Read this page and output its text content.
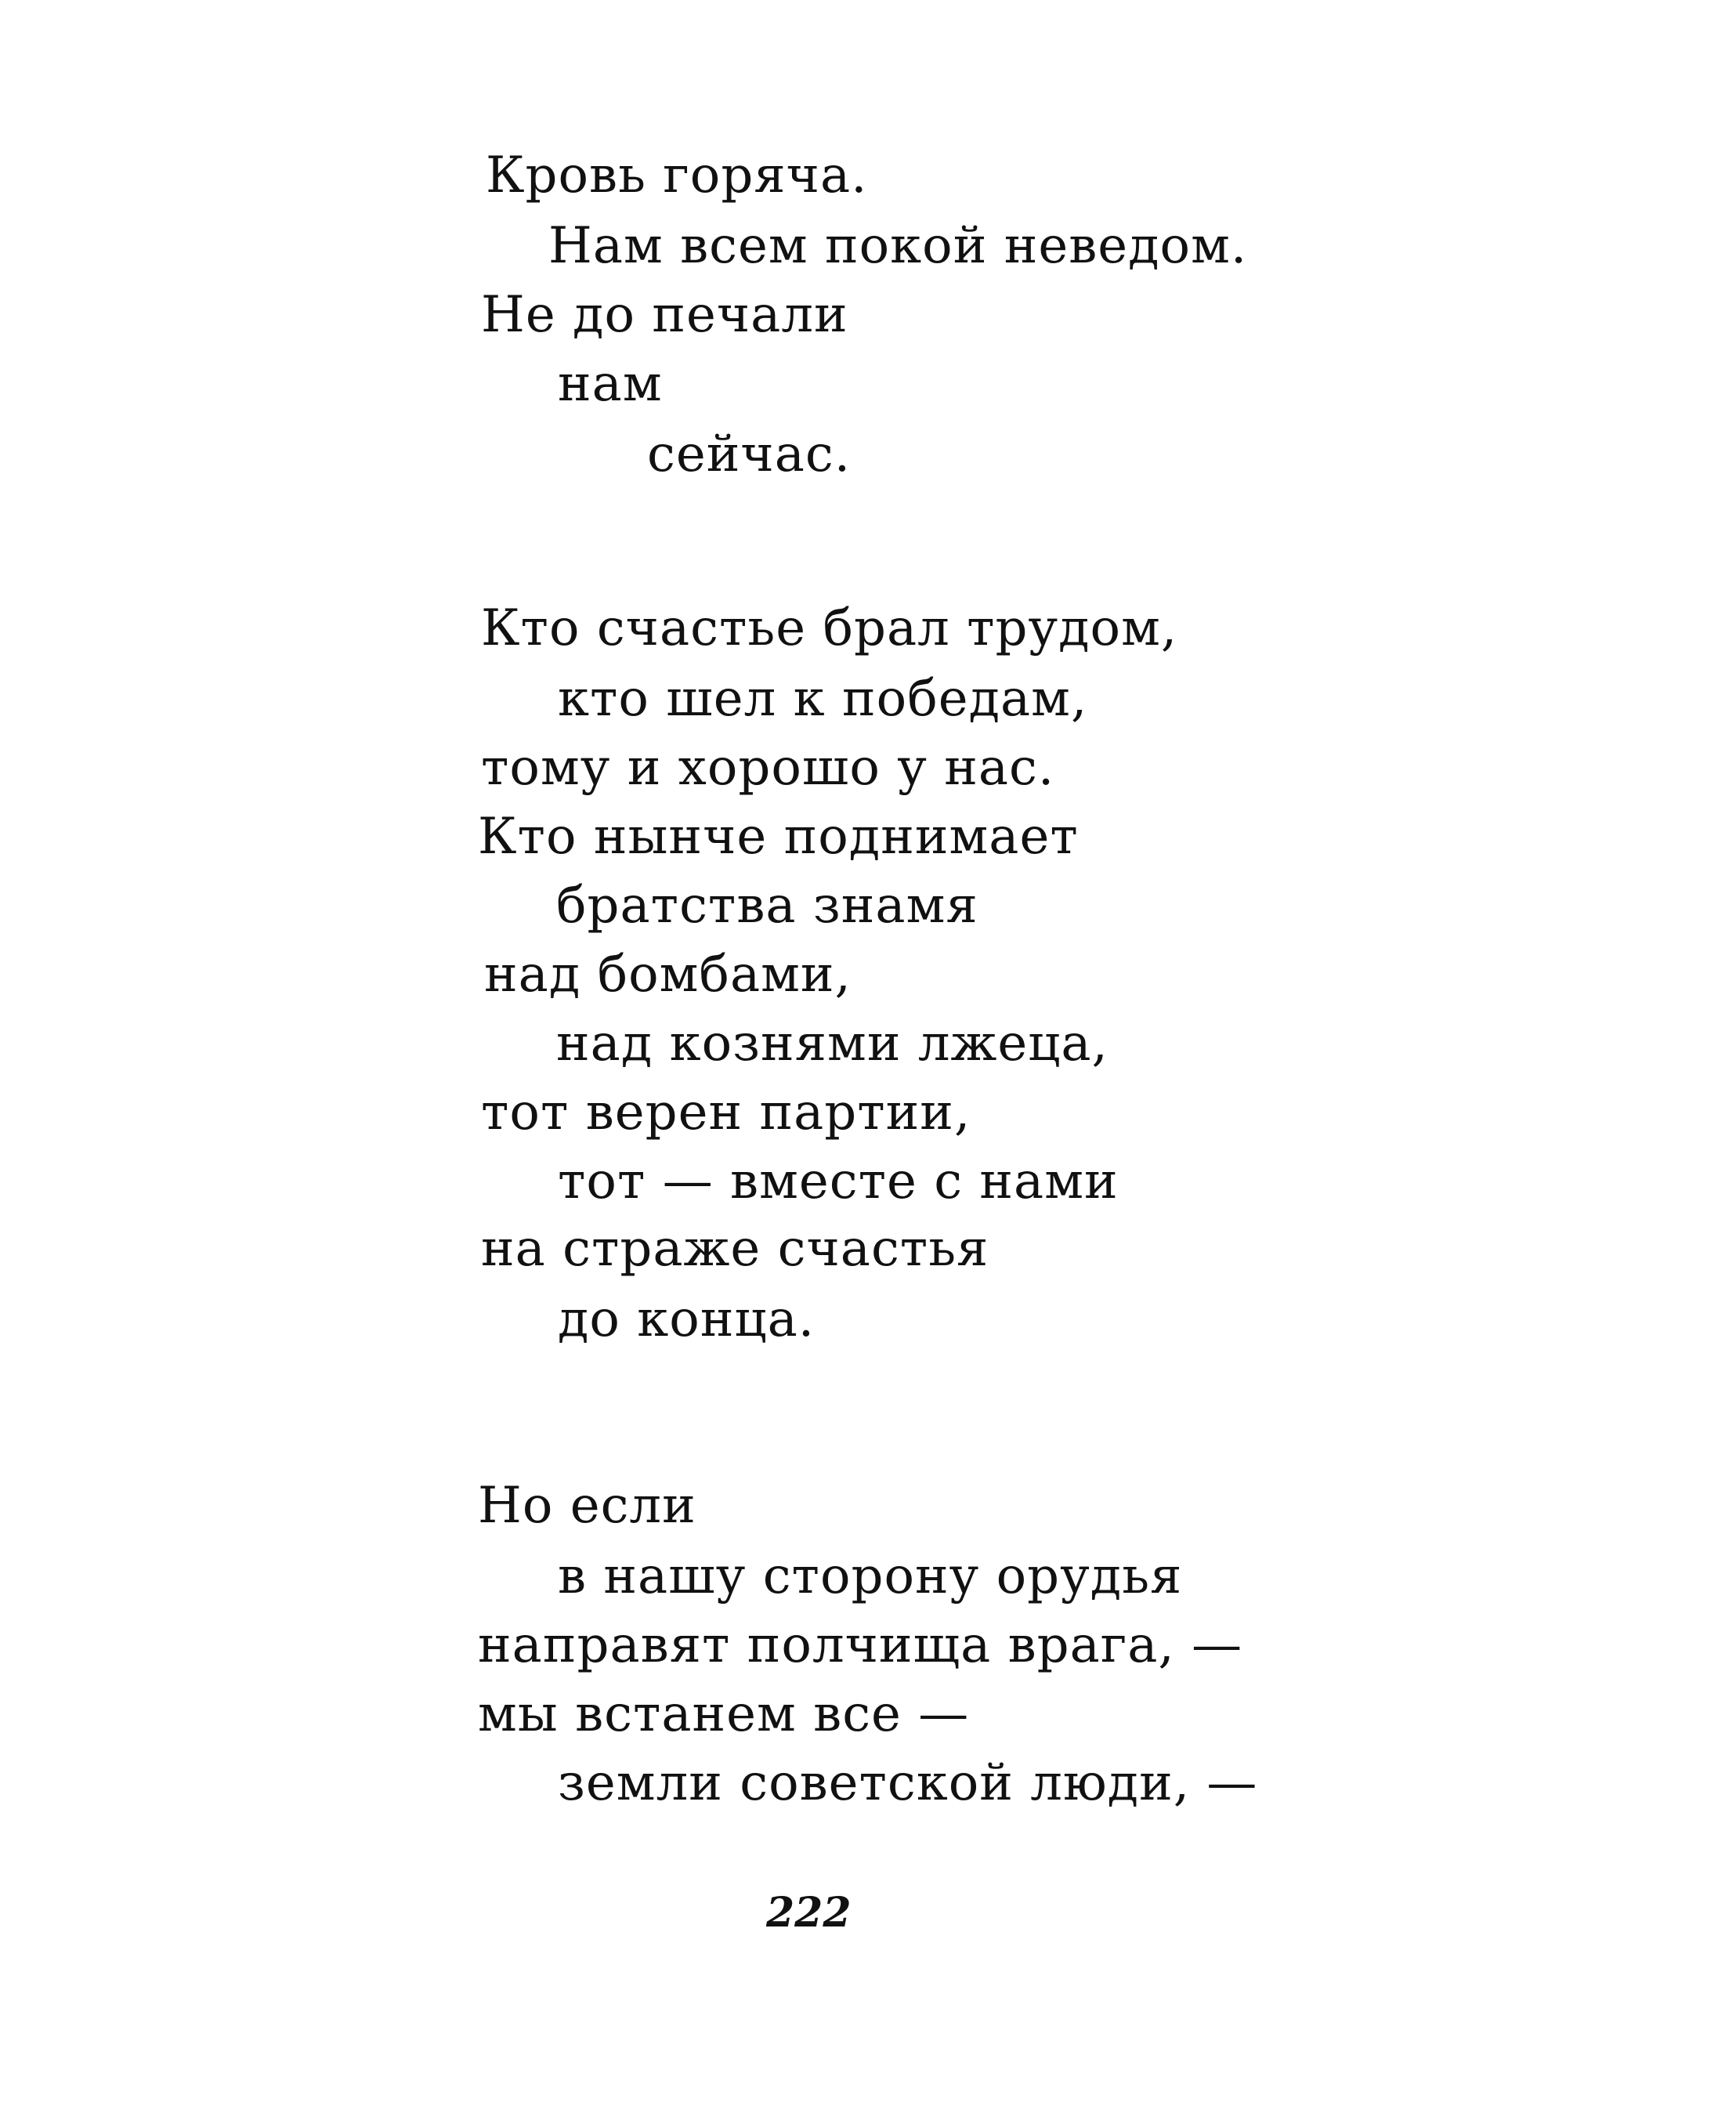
Кровь горяча.
Нам всем покой неведом.
Не до печали
нам
сейчас.
Кто счастье брал трудом,
кто шел к победам,
тому и хорошо у нас.
Кто нынче поднимает
братства знамя
над бомбами,
над кознями лжеца,
тот верен партии,
тот — вместе с нами
на страже счастья
до конца.
Но если
в нашу сторону орудья
направят полчища врага, —
мы встанем все —
земли советской люди, —
222
